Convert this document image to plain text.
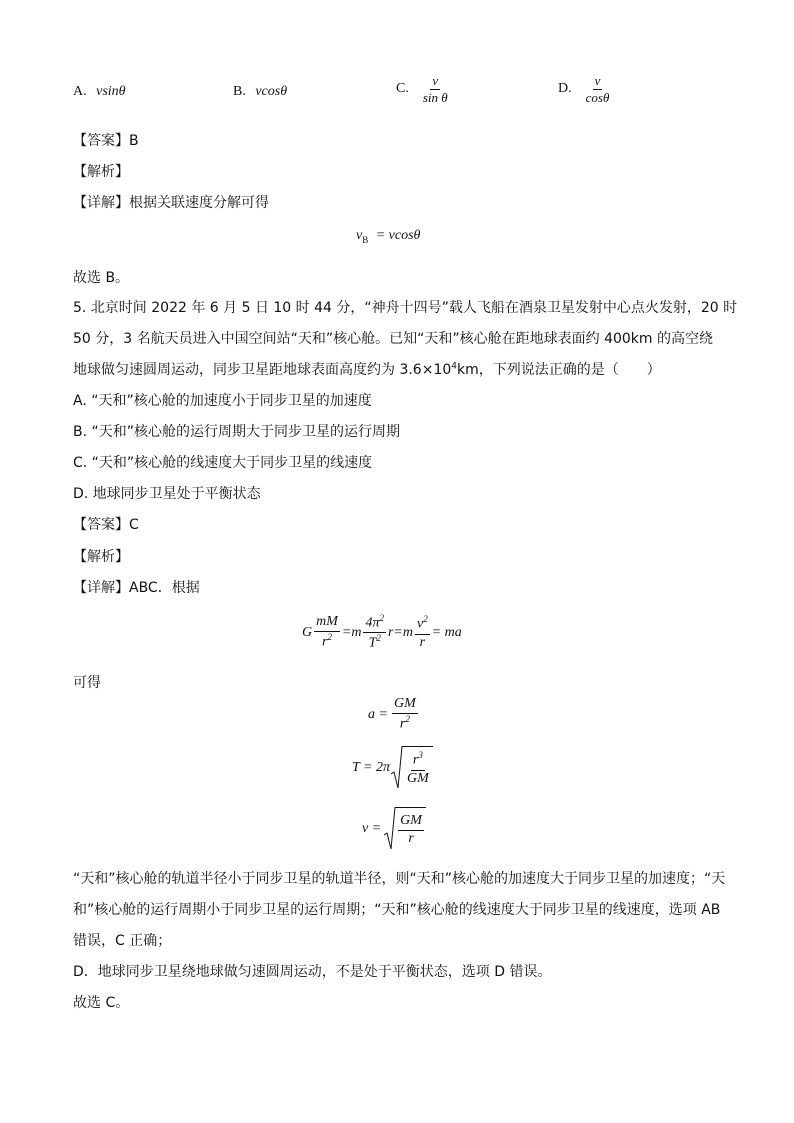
A. vsinθ	B. vcosθ	C. $\frac{v}{\text{sin θ}}$	D. $\frac{v}{\cos\theta}$
【答案】B
【解析】
【详解】根据关联速度分解可得
$v_B = vcos\theta$
故选 B。
5. 北京时间 2022 年 6 月 5 日 10 时 44 分，“神舟十四号”载人飞船在酒泉卫星发射中心点火发射，20 时
50 分，3 名航天员进入中国空间站“天和”核心舱。已知“天和”核心舱在距地球表面约 400km 的高空绕
地球做匀速圆周运动，同步卫星距地球表面高度约为 $3.6\times 10^4km$，下列说法正确的是（　　）
A. “天和”核心舱的加速度小于同步卫星的加速度
B. “天和”核心舱的运行周期大于同步卫星的运行周期
C. “天和”核心舱的线速度大于同步卫星的线速度
D. 地球同步卫星处于平衡状态
【答案】C
【解析】
【详解】ABC．根据
G $\frac{mM}{r^2} =m \frac{4\pi^2}{T^2} r=m \frac{v^2}{r}$ = ma
可得
$a = \frac{GM}{r^2}$
$T = 2\pi \frac{r^3}{GM}$
$v = \frac{GM}{r}$
“天和”核心舱的轨道半径小于同步卫星的轨道半径，则“天和”核心舱的加速度大于同步卫星的加速度；“天
和”核心舱的运行周期小于同步卫星的运行周期；“天和”核心舱的线速度大于同步卫星的线速度，选项 AB
错误，C 正确；
D．地球同步卫星绕地球做匀速圆周运动，不是处于平衡状态，选项 D 错误。
故选 C。
